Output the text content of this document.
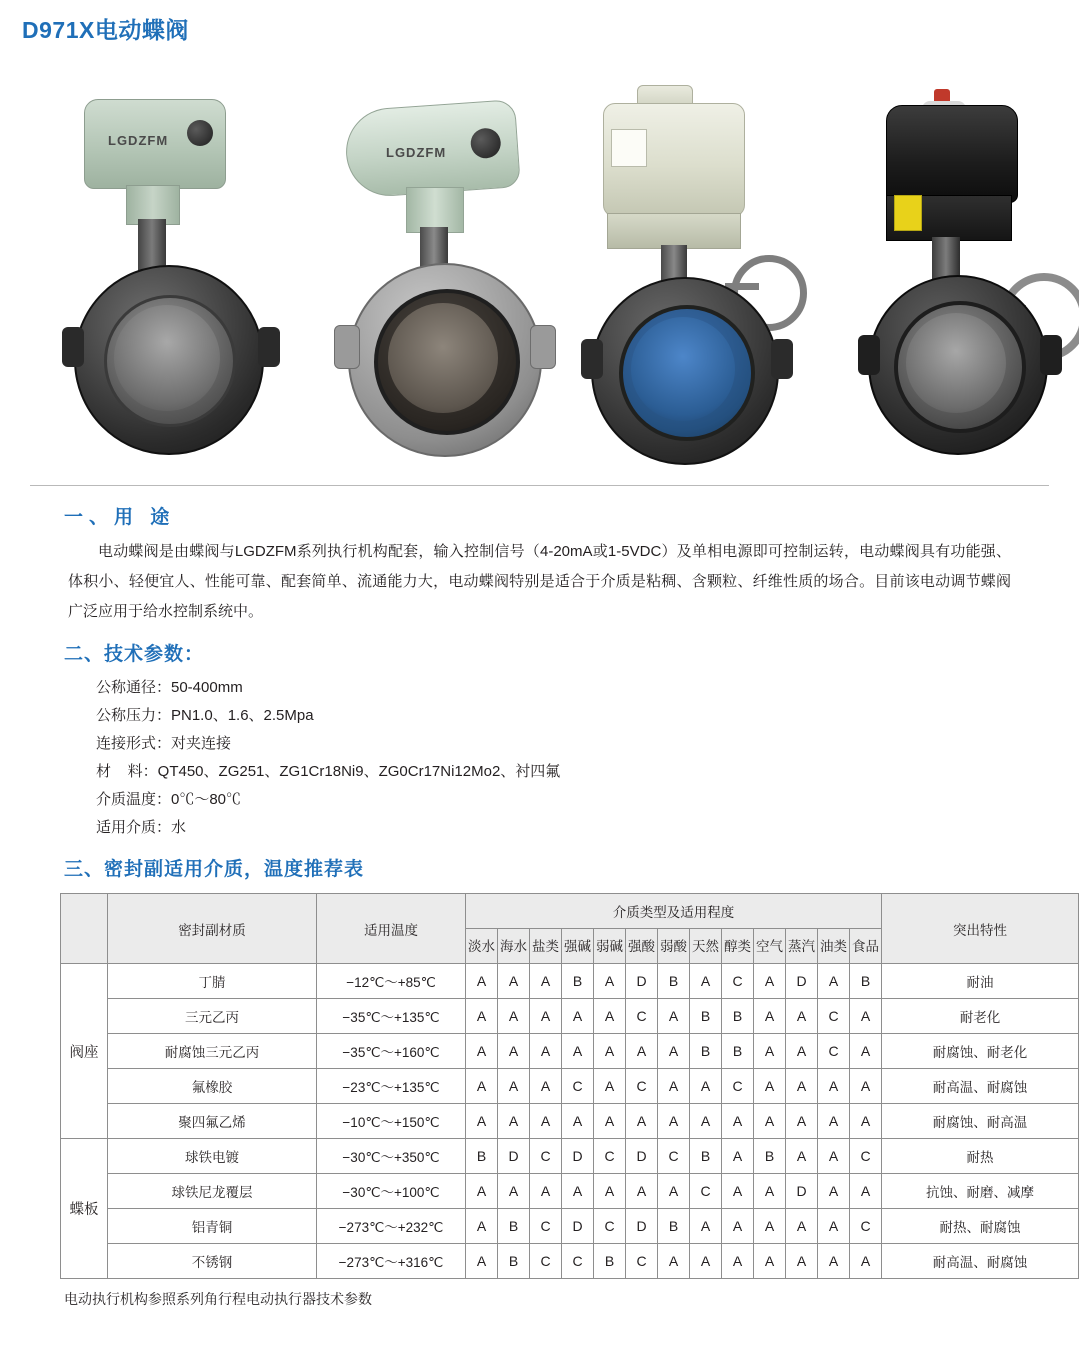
D971X电动蝶阀
LGDZFM
LGDZFM
一、用 途

电动蝶阀是由蝶阀与LGDZFM系列执行机构配套，输入控制信号（4-20mA或1-5VDC）及单相电源即可控制运转，电动蝶阀具有功能强、体积小、轻便宜人、性能可靠、配套简单、流通能力大，电动蝶阀特别是适合于介质是粘稠、含颗粒、纤维性质的场合。目前该电动调节蝶阀广泛应用于给水控制系统中。

二、技术参数：
公称通径：50-400mm
公称压力：PN1.0、1.6、2.5Mpa
连接形式：对夹连接
材    料：QT450、ZG251、ZG1Cr18Ni9、ZG0Cr17Ni12Mo2、衬四氟
介质温度：0℃～80℃
适用介质：水
三、密封副适用介质，温度推荐表
	密封副材质	适用温度	介质类型及适用程度													突出特性
			淡水	海水	盐类	强碱	弱碱	强酸	弱酸	天然	醇类	空气	蒸汽	油类	食品	
阀座	丁腈	−12℃～+85℃	A	A	A	B	A	D	B	A	C	A	D	A	B	耐油
	三元乙丙	−35℃～+135℃	A	A	A	A	A	C	A	B	B	A	A	C	A	耐老化
	耐腐蚀三元乙丙	−35℃～+160℃	A	A	A	A	A	A	A	B	B	A	A	C	A	耐腐蚀、耐老化
	氟橡胶	−23℃～+135℃	A	A	A	C	A	C	A	A	C	A	A	A	A	耐高温、耐腐蚀
	聚四氟乙烯	−10℃～+150℃	A	A	A	A	A	A	A	A	A	A	A	A	A	耐腐蚀、耐高温
蝶板	球铁电镀	−30℃～+350℃	B	D	C	D	C	D	C	B	A	B	A	A	C	耐热
	球铁尼龙覆层	−30℃～+100℃	A	A	A	A	A	A	A	C	A	A	D	A	A	抗蚀、耐磨、减摩
	铝青铜	−273℃～+232℃	A	B	C	D	C	D	B	A	A	A	A	A	C	耐热、耐腐蚀
	不锈钢	−273℃～+316℃	A	B	C	C	B	C	A	A	A	A	A	A	A	耐高温、耐腐蚀
电动执行机构参照系列角行程电动执行器技术参数
